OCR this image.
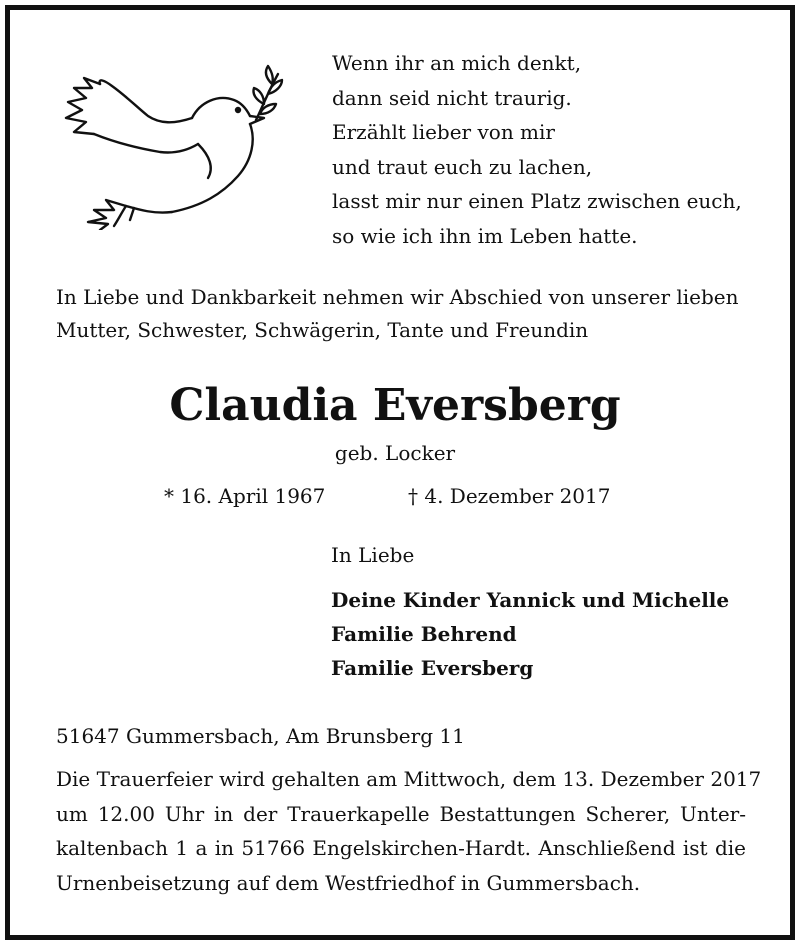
Wenn ihr an mich denkt,
dann seid nicht traurig.
Erzählt lieber von mir
und traut euch zu lachen,
lasst mir nur einen Platz zwischen euch,
so wie ich ihn im Leben hatte.
In Liebe und Dankbarkeit nehmen wir Abschied von unserer lieben
Mutter, Schwester, Schwägerin, Tante und Freundin
Claudia Eversberg
geb. Locker
* 16. April 1967	† 4. Dezember 2017
In Liebe
Deine Kinder Yannick und Michelle
Familie Behrend
Familie Eversberg
51647 Gummersbach, Am Brunsberg 11
Die Trauerfeier wird gehalten am Mittwoch, dem 13. Dezember 2017
um 12.00 Uhr in der Trauerkapelle Bestattungen Scherer, Unter-
kaltenbach 1 a in 51766 Engelskirchen-Hardt. Anschließend ist die
Urnenbeisetzung auf dem Westfriedhof in Gummersbach.
